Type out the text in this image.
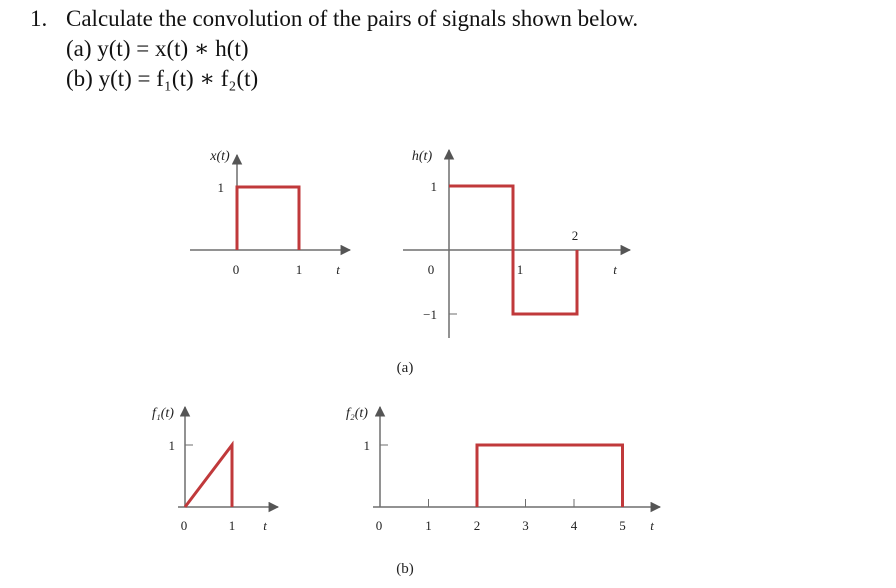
1. Calculate the convolution of the pairs of signals shown below.
(a) y(t) = x(t) ∗ h(t)
(b) y(t) = f₁(t) ∗ f₂(t)
0	1
1
x(t)
t	0	1
2
1
−1
h(t)
t
0	1
1
f₁(t)
t	0	1	2	3	4	5
1
f₂(t)
t
(a)
(b)
